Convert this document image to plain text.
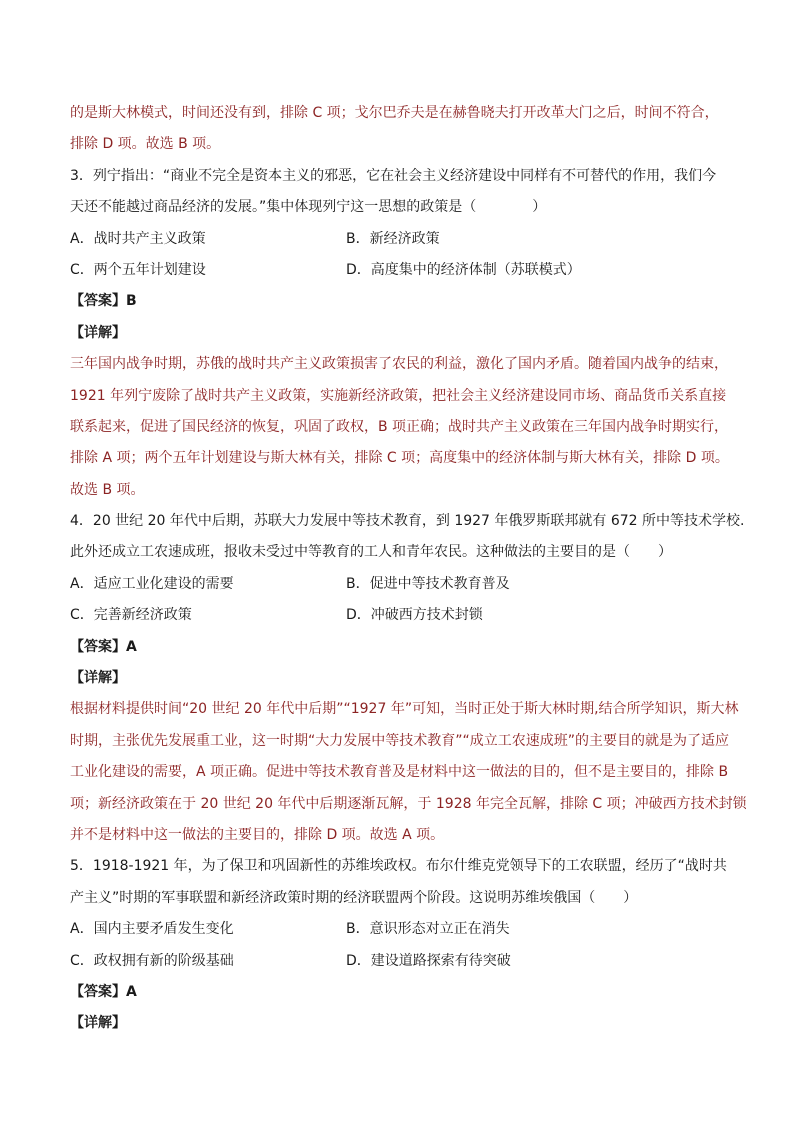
的是斯大林模式，时间还没有到，排除 C 项；戈尔巴乔夫是在赫鲁晓夫打开改革大门之后，时间不符合，
排除 D 项。故选 B 项。
3．列宁指出：“商业不完全是资本主义的邪恶，它在社会主义经济建设中同样有不可替代的作用，我们今
天还不能越过商品经济的发展。”集中体现列宁这一思想的政策是（　　　　）
A．战时共产主义政策	B．新经济政策
C．两个五年计划建设	D．高度集中的经济体制（苏联模式）
【答案】B
【详解】
三年国内战争时期，苏俄的战时共产主义政策损害了农民的利益，激化了国内矛盾。随着国内战争的结束，
1921 年列宁废除了战时共产主义政策，实施新经济政策，把社会主义经济建设同市场、商品货币关系直接
联系起来，促进了国民经济的恢复，巩固了政权，B 项正确；战时共产主义政策在三年国内战争时期实行，
排除 A 项；两个五年计划建设与斯大林有关，排除 C 项；高度集中的经济体制与斯大林有关，排除 D 项。
故选 B 项。
4．20 世纪 20 年代中后期，苏联大力发展中等技术教育，到 1927 年俄罗斯联邦就有 672 所中等技术学校.
此外还成立工农速成班，报收未受过中等教育的工人和青年农民。这种做法的主要目的是（　　）
A．适应工业化建设的需要	B．促进中等技术教育普及
C．完善新经济政策	D．冲破西方技术封锁
【答案】A
【详解】
根据材料提供时间“20 世纪 20 年代中后期”“1927 年”可知，当时正处于斯大林时期,结合所学知识，斯大林
时期，主张优先发展重工业，这一时期“大力发展中等技术教育”“成立工农速成班”的主要目的就是为了适应
工业化建设的需要，A 项正确。促进中等技术教育普及是材料中这一做法的目的，但不是主要目的，排除 B
项；新经济政策在于 20 世纪 20 年代中后期逐渐瓦解，于 1928 年完全瓦解，排除 C 项；冲破西方技术封锁
并不是材料中这一做法的主要目的，排除 D 项。故选 A 项。
5．1918-1921 年，为了保卫和巩固新性的苏维埃政权。布尔什维克党领导下的工农联盟，经历了“战时共
产主义”时期的军事联盟和新经济政策时期的经济联盟两个阶段。这说明苏维埃俄国（　　）
A．国内主要矛盾发生变化	B．意识形态对立正在消失
C．政权拥有新的阶级基础	D．建设道路探索有待突破
【答案】A
【详解】
